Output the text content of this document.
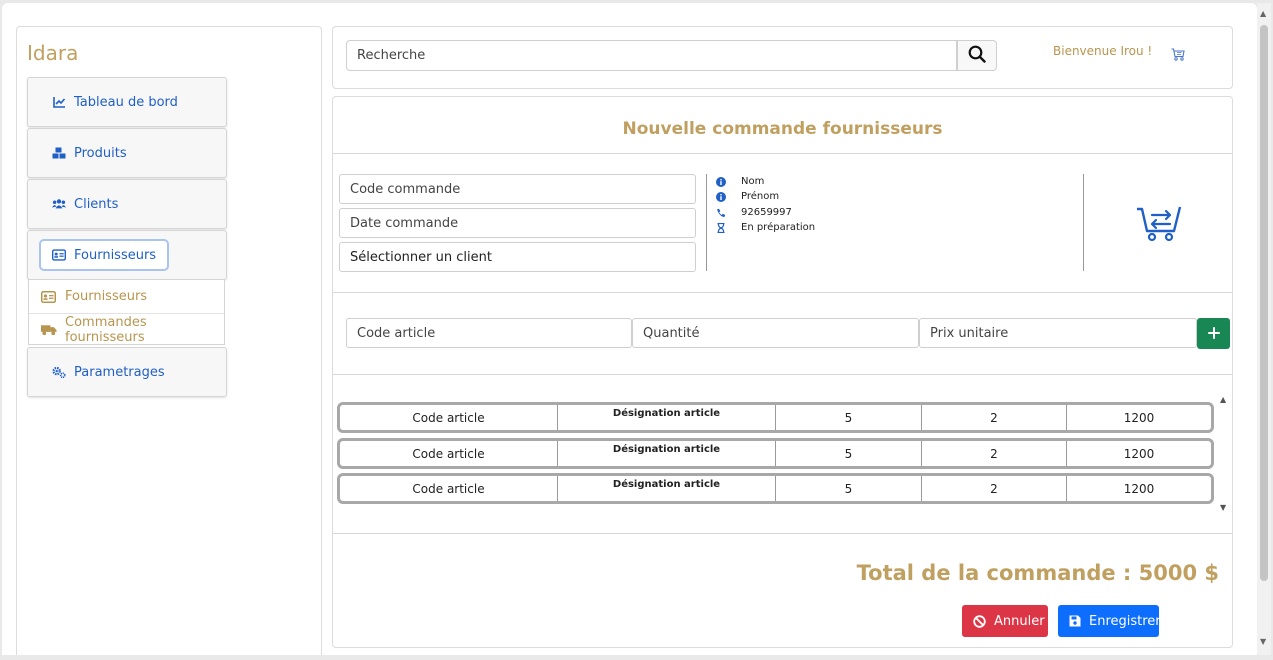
Idara
Tableau de bord
Produits
Clients
Fournisseurs
Fournisseurs
Commandes fournisseurs
Parametrages
Recherche
Bienvenue Irou !
Nouvelle commande fournisseurs
Code commande
Date commande
Sélectionner un client
Nom
Prénom
92659997
En préparation
Code article
Quantité
Prix unitaire
▲
Code article	Désignation article	5	2	1200
Code article	Désignation article	5	2	1200
Code article	Désignation article	5	2	1200
▼
Total de la commande : 5000 $
Annuler	Enregistrer
▲
▼
